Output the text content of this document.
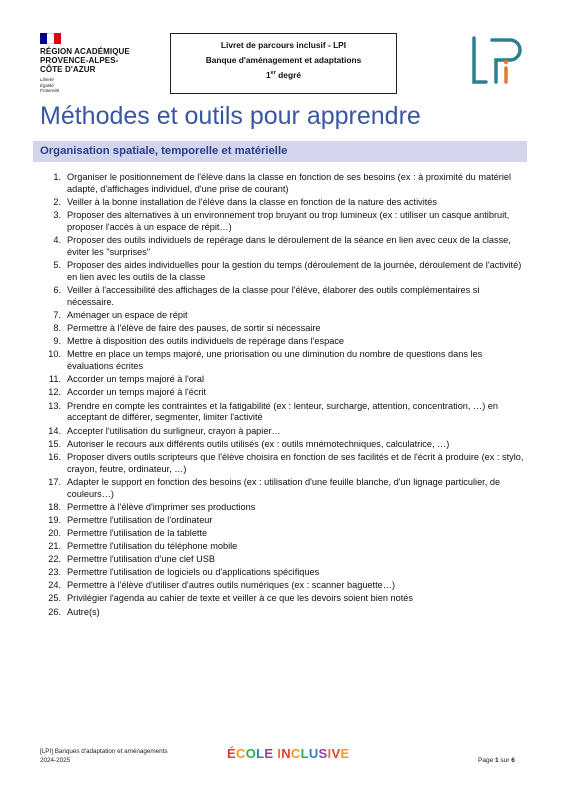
RÉGION ACADÉMIQUE
PROVENCE-ALPES-
CÔTE D'AZUR
Liberté
Égalité
Fraternité
Livret de parcours inclusif - LPI
Banque d'aménagement et adaptations
1er degré
Méthodes et outils pour apprendre
Organisation spatiale, temporelle et matérielle
1. Organiser le positionnement de l'élève dans la classe en fonction de ses besoins (ex : à proximité du matériel adapté, d'affichages individuel, d'une prise de courant)
2. Veiller à la bonne installation de l'élève dans la classe en fonction de la nature des activités
3. Proposer des alternatives à un environnement trop bruyant ou trop lumineux (ex : utiliser un casque antibruit, proposer l'accès à un espace de répit…)
4. Proposer des outils individuels de repérage dans le déroulement de la séance en lien avec ceux de la classe, éviter les "surprises"
5. Proposer des aides individuelles pour la gestion du temps (déroulement de la journée, déroulement de l'activité) en lien avec les outils de la classe
6. Veiller à l'accessibilité des affichages de la classe pour l'élève, élaborer des outils complémentaires si nécessaire.
7. Aménager un espace de répit
8. Permettre à l'élève de faire des pauses, de sortir si nécessaire
9. Mettre à disposition des outils individuels de repérage dans l'espace
10. Mettre en place un temps majoré, une priorisation ou une diminution du nombre de questions dans les évaluations écrites
11. Accorder un temps majoré à l'oral
12. Accorder un temps majoré à l'écrit
13. Prendre en compte les contraintes et la fatigabilité (ex : lenteur, surcharge, attention, concentration, …) en acceptant de différer, segmenter, limiter l'activité
14. Accepter l'utilisation du surligneur, crayon à papier…
15. Autoriser le recours aux différents outils utilisés (ex : outils mnémotechniques, calculatrice, …)
16. Proposer divers outils scripteurs que l'élève choisira en fonction de ses facilités et de l'écrit à produire (ex : stylo, crayon, feutre, ordinateur, …)
17. Adapter le support en fonction des besoins (ex : utilisation d'une feuille blanche, d'un lignage particulier, de couleurs…)
18. Permettre à l'élève d'imprimer ses productions
19. Permettre l'utilisation de l'ordinateur
20. Permettre l'utilisation de la tablette
21. Permettre l'utilisation du téléphone mobile
22. Permettre l'utilisation d'une clef USB
23. Permettre l'utilisation de logiciels ou d'applications spécifiques
24. Permettre à l'élève d'utiliser d'autres outils numériques (ex : scanner baguette…)
25. Privilégier l'agenda au cahier de texte et veiller à ce que les devoirs soient bien notés
26. Autre(s)
[LPI] Banques d'adaptation et aménagements
2024-2025	ÉCOLE INCLUSIVE	Page 1 sur 6
